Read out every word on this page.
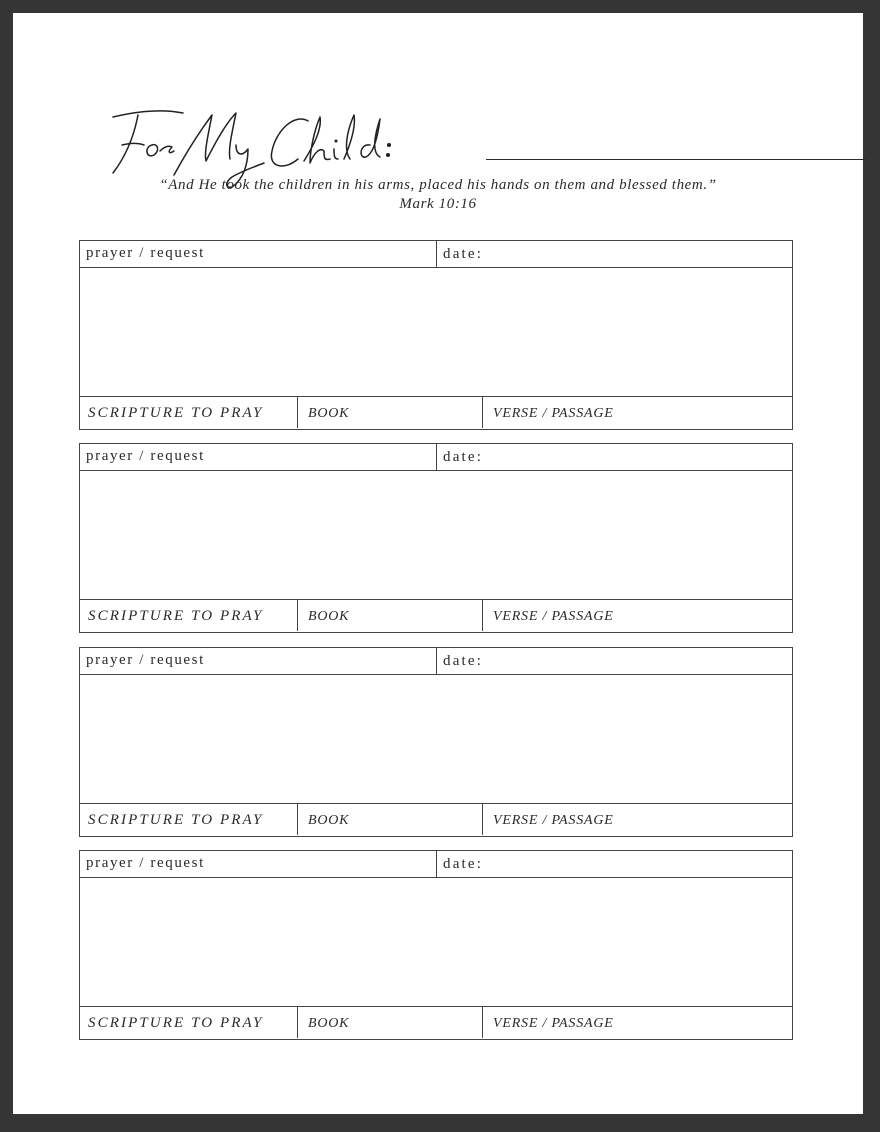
“And He took the children in his arms, placed his hands on them and blessed them.”
Mark 10:16
prayer / request	date:
SCRIPTURE TO PRAY	BOOK	VERSE / PASSAGE
prayer / request	date:
SCRIPTURE TO PRAY	BOOK	VERSE / PASSAGE
prayer / request	date:
SCRIPTURE TO PRAY	BOOK	VERSE / PASSAGE
prayer / request	date:
SCRIPTURE TO PRAY	BOOK	VERSE / PASSAGE
